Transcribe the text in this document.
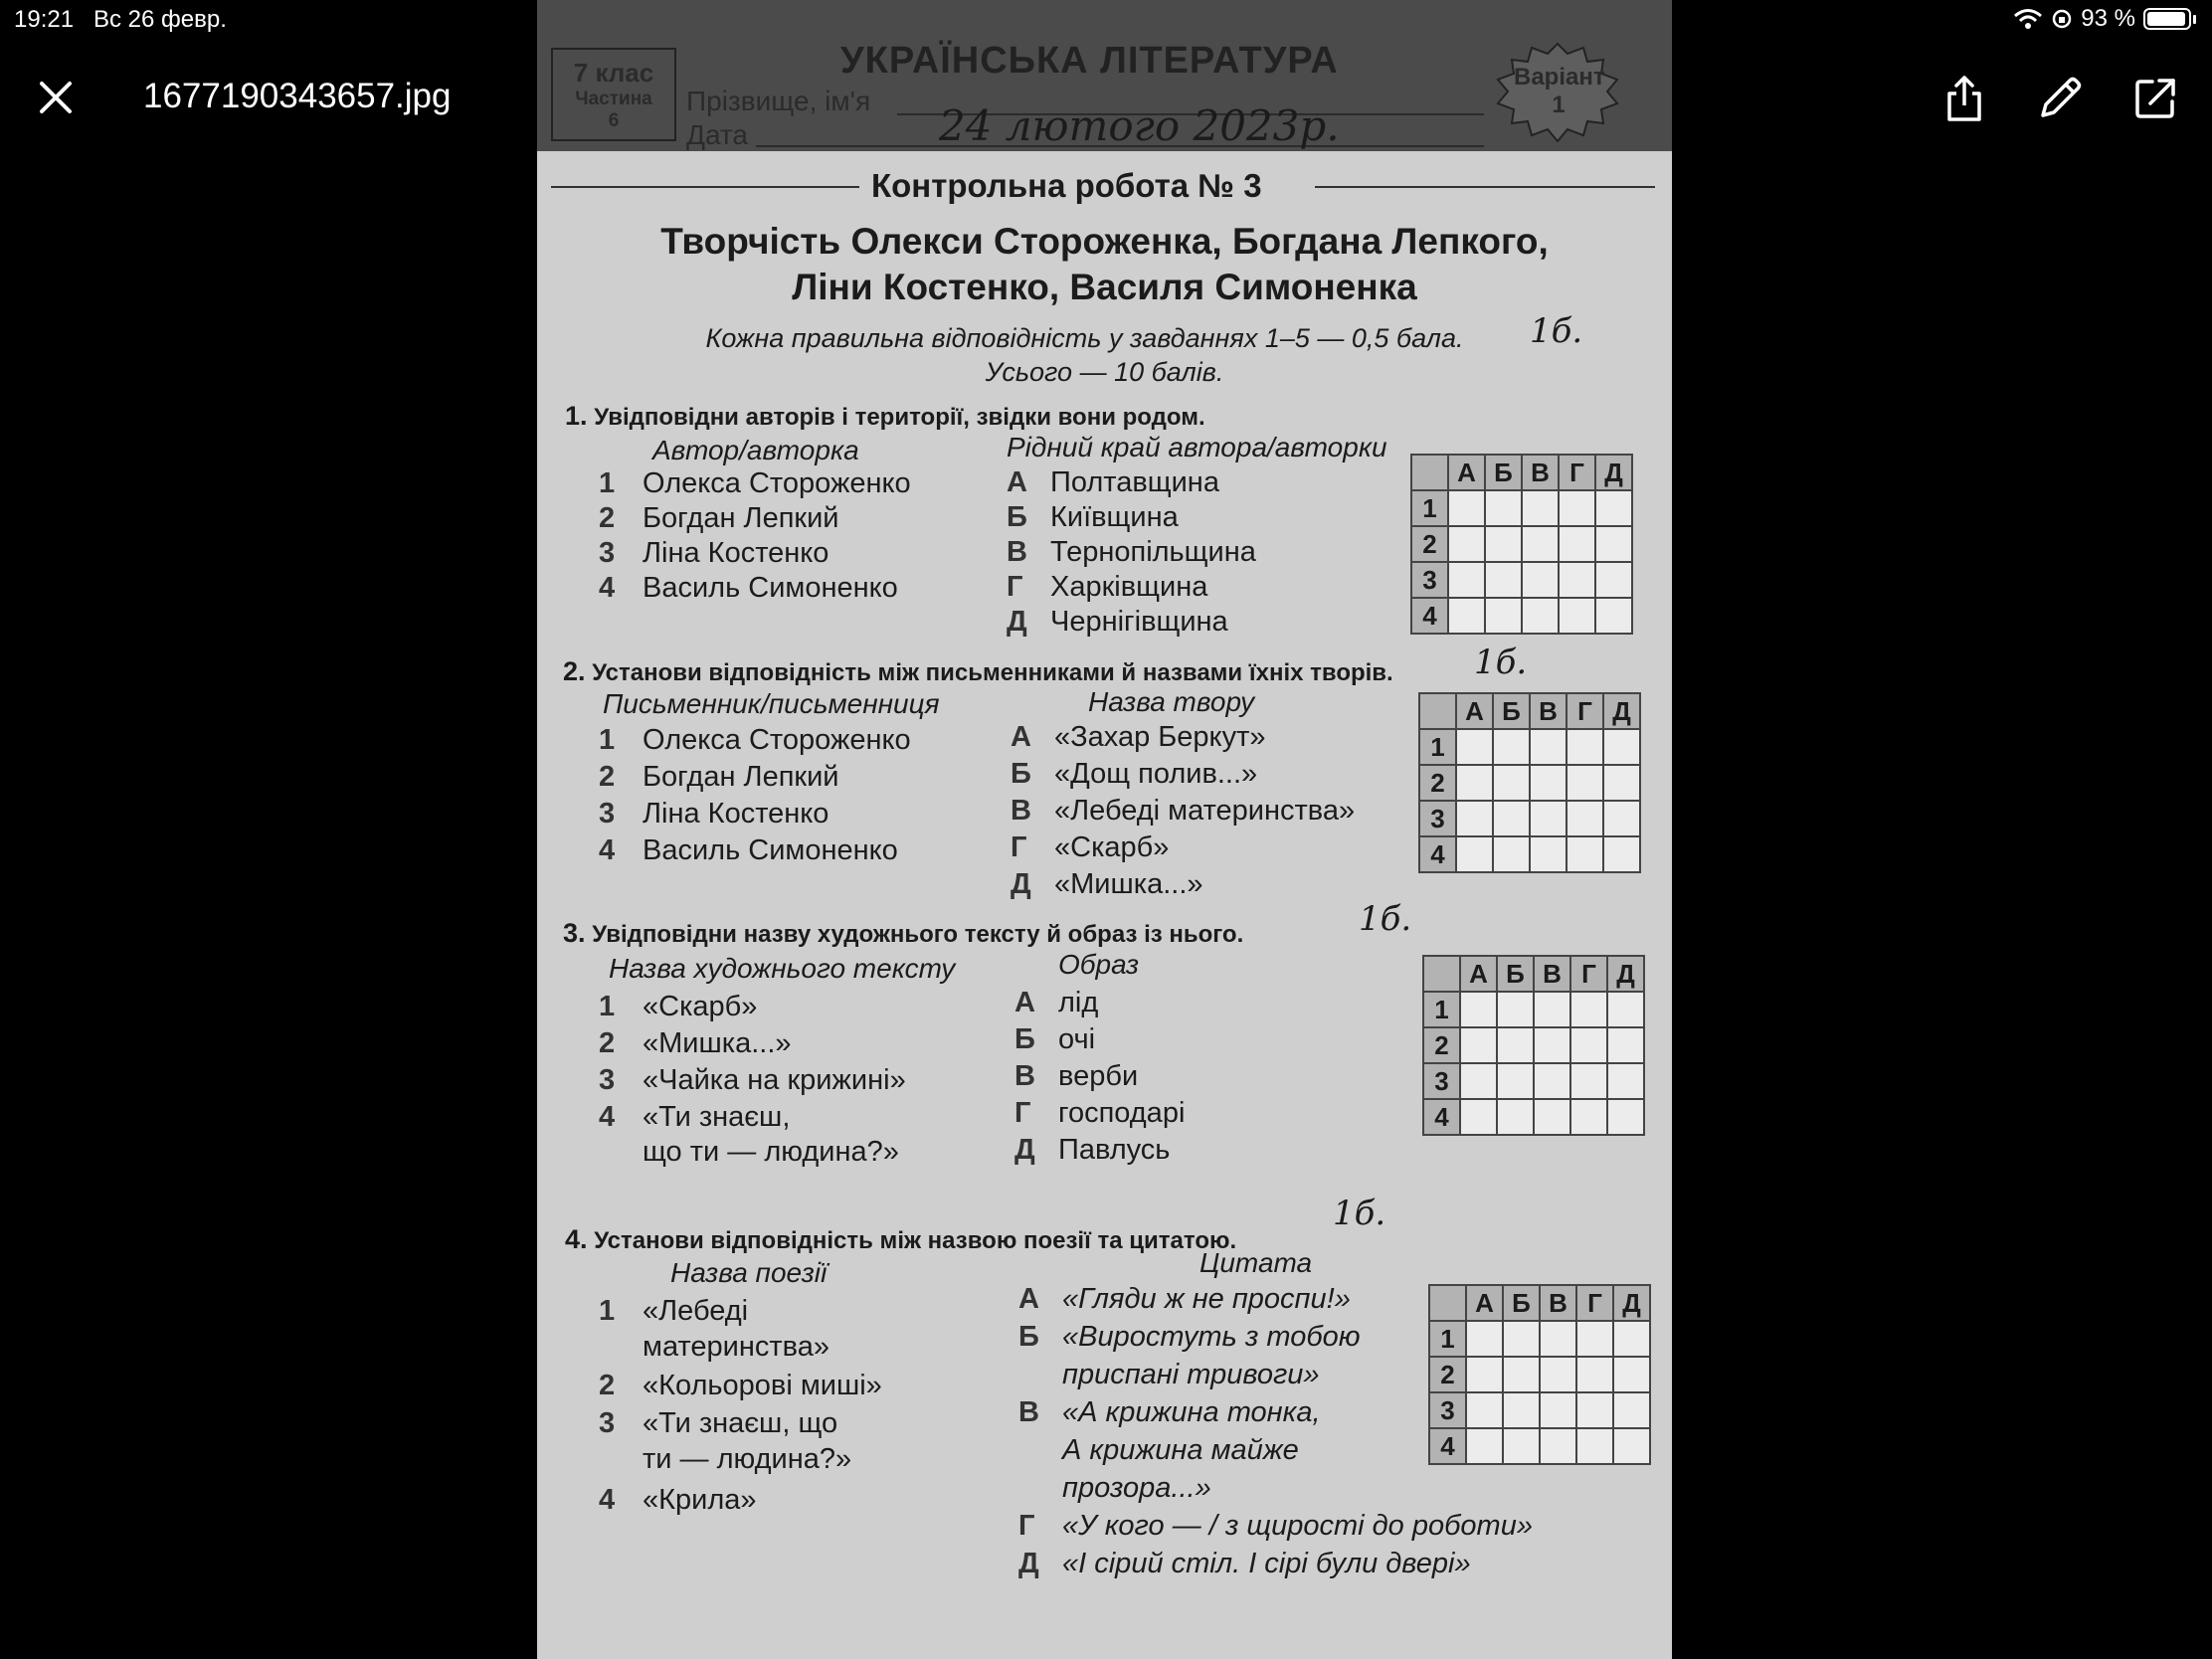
19:21 Вс 26 февр.	93 %
1677190343657.jpg
7 клас
Частина
6
УКРАЇНСЬКА ЛІТЕРАТУРА
Прізвище, ім'я
Дата	24 лютого 2023р.
Варіант
1
Контрольна робота № 3
Творчість Олекси Стороженка, Богдана Лепкого,
Ліни Костенко, Василя Симоненка
Кожна правильна відповідність у завданнях 1–5 — 0,5 бала.	1б.
Усього — 10 балів.
1. Увідповідни авторів і території, звідки вони родом.
Автор/авторка	Рідний край автора/авторки
1 Олекса Стороженко
2 Богдан Лепкий
3 Ліна Костенко
4 Василь Симоненко
А Полтавщина
Б Київщина
В Тернопільщина
Г Харківщина
Д Чернігівщина
	А	Б	В	Г	Д
1					
2					
3					
4					
2. Установи відповідність між письменниками й назвами їхніх творів. 1б.
Письменник/письменниця	Назва твору
1 Олекса Стороженко
2 Богдан Лепкий
3 Ліна Костенко
4 Василь Симоненко
А «Захар Беркут»
Б «Дощ полив...»
В «Лебеді материнства»
Г «Скарб»
Д «Мишка...»
	А	Б	В	Г	Д
1					
2					
3					
4					
3. Увідповідни назву художнього тексту й образ із нього.	1б.
Назва художнього тексту	Образ
1 «Скарб»
2 «Мишка...»
3 «Чайка на крижині»
4 «Ти знаєш,
що ти — людина?»
А лід
Б очі
В верби
Г господарі
Д Павлусь
	А	Б	В	Г	Д
1					
2					
3					
4					
4. Установи відповідність між назвою поезії та цитатою.
1б.
Назва поезії	Цитата
1 «Лебеді
материнства»
2 «Кольорові миші»
3 «Ти знаєш, що
ти — людина?»
4 «Крила»
А «Гляди ж не проспи!»
Б «Виростуть з тобою
приспані тривоги»
В «А крижина тонка,
А крижина майже
прозора...»
Г «У кого — / з щирості до роботи»
Д «І сірий стіл. І сірі були двері»
	А	Б	В	Г	Д
1					
2					
3					
4					
